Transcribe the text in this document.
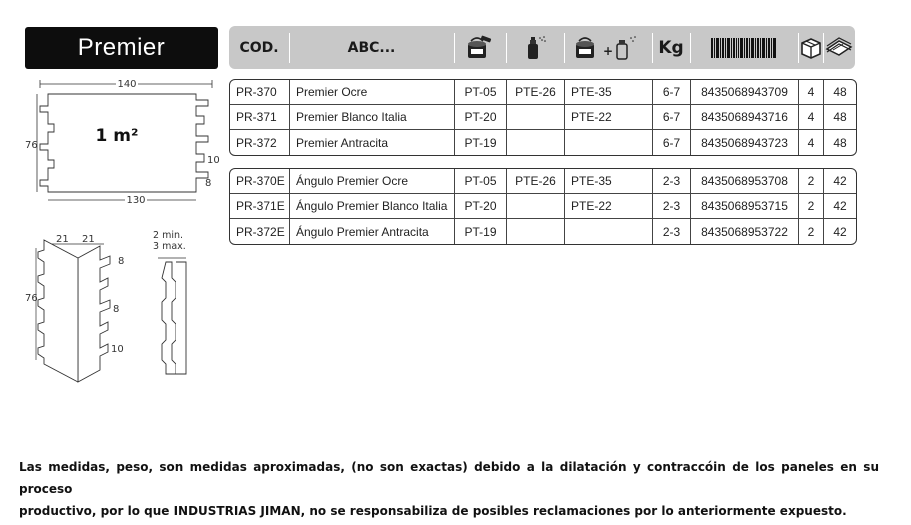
Premier	COD.	ABC...	+	Kg
PR-370	Premier Ocre	PT-05	PTE-26	PTE-35	6-7	8435068943709	4	48
PR-371	Premier Blanco Italia	PT-20		PTE-22	6-7	8435068943716	4	48
PR-372	Premier Antracita	PT-19			6-7	8435068943723	4	48
PR-370E	Ángulo Premier Ocre	PT-05	PTE-26	PTE-35	2-3	8435068953708	2	42
PR-371E	Ángulo Premier Blanco Italia	PT-20		PTE-22	2-3	8435068953715	2	42
PR-372E	Ángulo Premier Antracita	PT-19			2-3	8435068953722	2	42
140
1 m²
76
10
8
130
21 21
76
8
8
10
2 min.
3 max.
Las medidas, peso, son medidas aproximadas, (no son exactas) debido a la dilatación y contraccóin de los paneles en su proceso
productivo, por lo que INDUSTRIAS JIMAN, no se responsabiliza de posibles reclamaciones por lo anteriormente expuesto.
